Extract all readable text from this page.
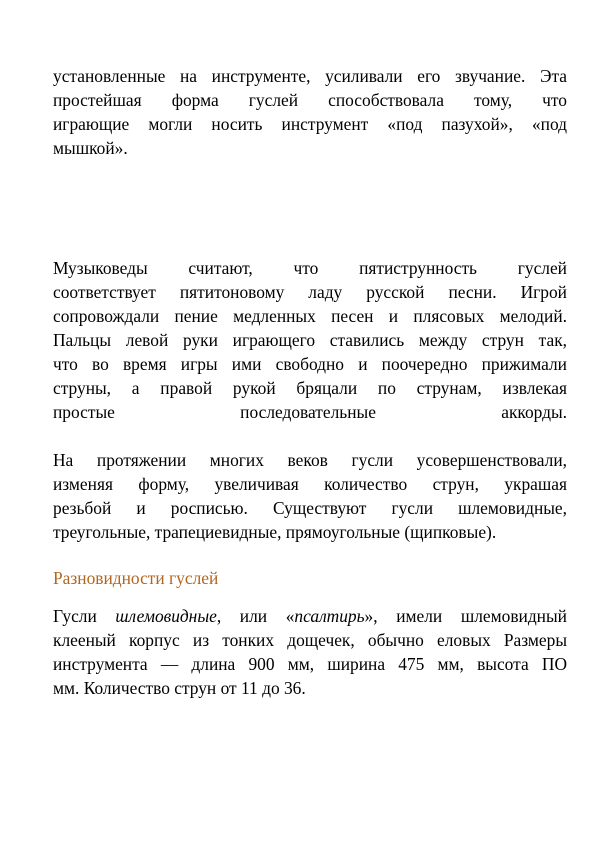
установленные на инструменте, усиливали его звучание. Эта
простейшая форма гуслей способствовала тому, что
играющие могли носить инструмент «под пазухой», «под
мышкой».
Музыковеды считают, что пятиструнность гуслей
соответствует пятитоновому ладу русской песни. Игрой
сопровождали пение медленных песен и плясовых мелодий.
Пальцы левой руки играющего ставились между струн так,
что во время игры ими свободно и поочередно прижимали
струны, а правой рукой бряцали по струнам, извлекая
простые последовательные аккорды.
На протяжении многих веков гусли усовершенствовали,
изменяя форму, увеличивая количество струн, украшая
резьбой и росписью. Существуют гусли шлемовидные,
треугольные, трапециевидные, прямоугольные (щипковые).
Разновидности гуслей
Гусли шлемовидные, или «псалтирь», имели шлемовидный
клееный корпус из тонких дощечек, обычно еловых Размеры
инструмента — длина 900 мм, ширина 475 мм, высота ПО
мм. Количество струн от 11 до 36.
